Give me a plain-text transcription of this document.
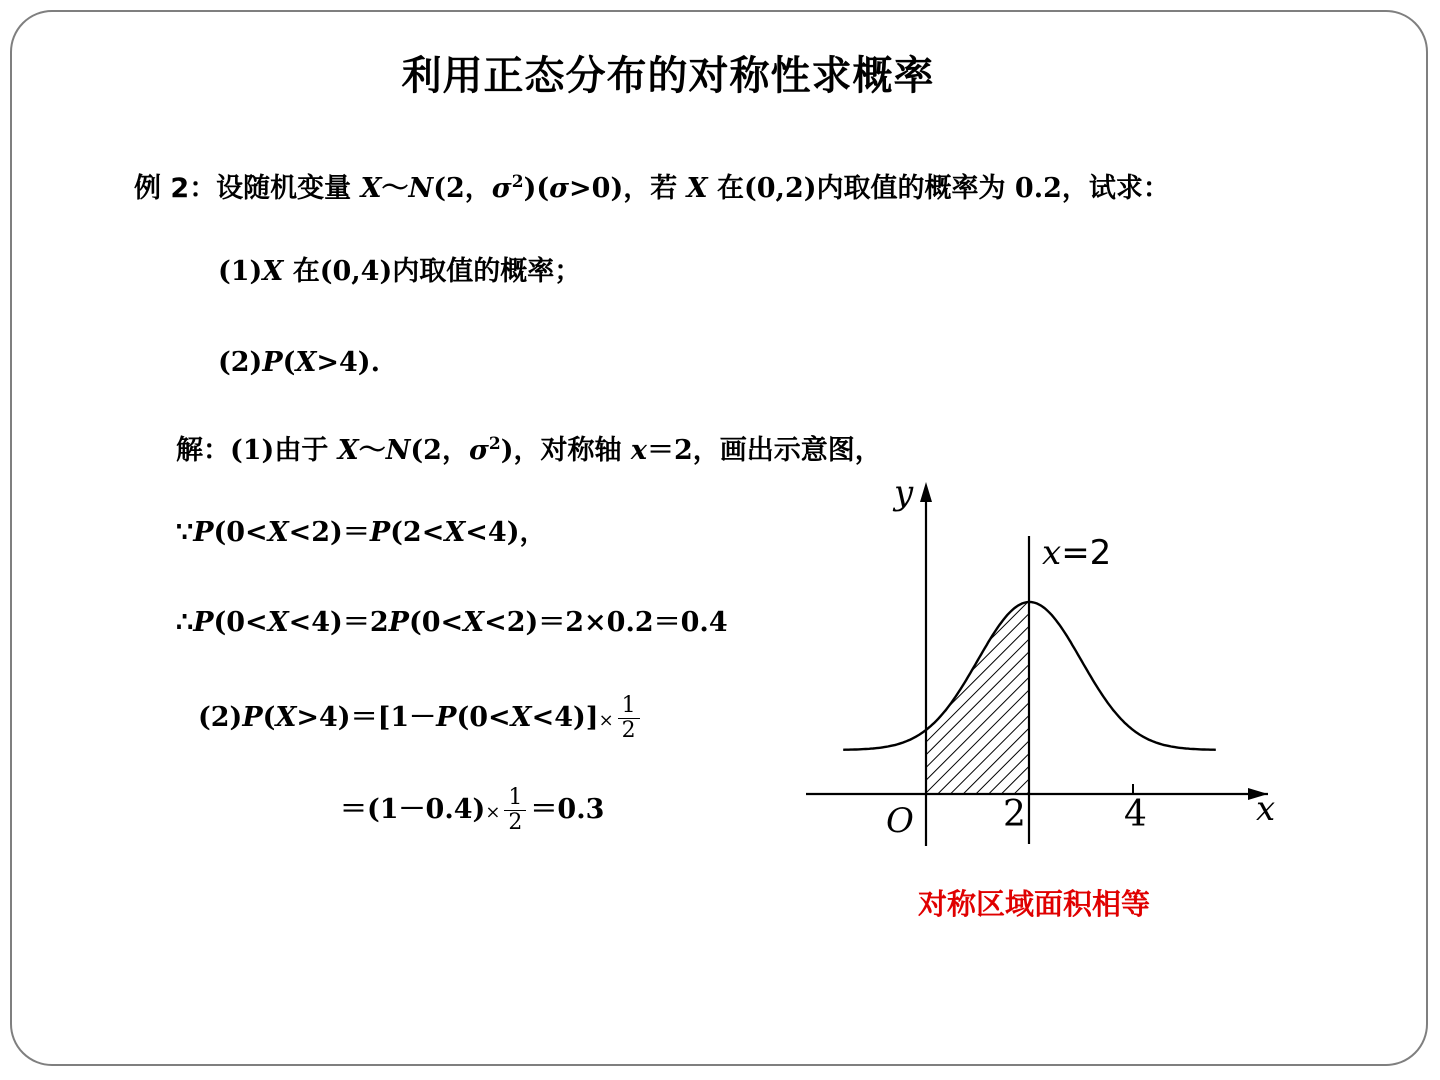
利用正态分布的对称性求概率
例 2：设随机变量 X～N(2，$\sigma^2)(\sigma>0)$，若 X 在(0,2)内取值的概率为 0.2，试求：
(1)X 在(0,4)内取值的概率；
(2)P(X>4).
解：(1)由于 X～N(2，$\sigma^2$)，对称轴 x＝2，画出示意图，
∵P(0<X<2)＝P(2<X<4)，
∴P(0<X<4)＝2P(0<X<2)＝2×0.2＝0.4
$(2)P(X>4)=[1-P(0<X<4)]\times \frac{1}{2}$
$=(1-0.4)\times \frac{1}{2} =0.3$
y
x
O 2	4
x=2
对称区域面积相等
